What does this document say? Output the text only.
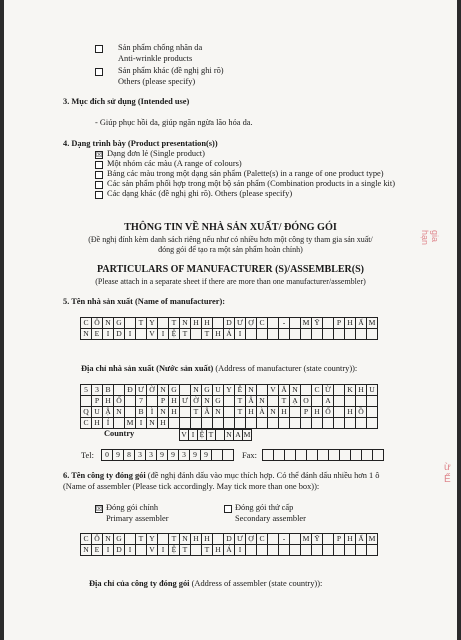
Sản phẩm chống nhăn da
Anti-wrinkle products
Sản phẩm khác (đề nghị ghi rõ)
Others (please specify)
3. Mục đích sử dụng (Intended use)
- Giúp phục hồi da, giúp ngăn ngừa lão hóa da.
4. Dạng trình bày (Product presentation(s))
☒ Dạng đơn lẻ (Single product)
Một nhóm các màu (A range of colours)
Bảng các màu trong một dạng sản phẩm (Palette(s) in a range of one product type)
Các sản phẩm phối hợp trong một bộ sản phẩm (Combination products in a single kit)
Các dạng khác (đề nghị ghi rõ). Others (please specify)
THÔNG TIN VỀ NHÀ SẢN XUẤT/ ĐÓNG GÓI
(Đề nghị đính kèm danh sách riêng nếu như có nhiều hơn một công ty tham gia sản xuất/
đóng gói để tạo ra một sản phẩm hoàn chỉnh)
PARTICULARS OF MANUFACTURER (S)/ASSEMBLER(S)
(Please attach in a separate sheet if there are more than one manufacturer/assembler)
5. Tên nhà sản xuất (Name of manufacturer):
C Ô N G	T Y	T N H H	D Ư Ợ C	-	M Ỹ	P H Ẩ M
N E I D I	V I Ệ T	T H Á I
Địa chỉ nhà sản xuất (Nước sản xuất) (Address of manufacturer (state country)):
5 3 B	Đ Ư Ờ N G	N G U Y Ễ N	V Ă N	C Ừ	K H U
P H Ố	7	P H Ư Ờ N G	T Â N	T Ạ O	A
Q U Ậ N	B Ì N H	T Â N	T H À N H	P H Ố	H Ồ
C H Í	M I N H
Country	V I Ệ T	N A M
Tel:	0 9 8 3 3 9 9 3 9 9	Fax:
6. Tên công ty đóng gói (đề nghị đánh dấu vào mục thích hợp. Có thể đánh dấu nhiều hơn 1 ô
(Name of assembler (Please tick accordingly. May tick more than one box)):
☒ Đóng gói chính
Primary assembler
Đóng gói thứ cấp
Secondary assembler
C Ô N G	T Y	T N H H	D Ư Ợ C	-	M Ỹ	P H Ẩ M
N E I D I	V I Ệ T	T H Á I
Địa chỉ của công ty đóng gói (Address of assembler (state country)):
gia hạn
ừ
Ế
